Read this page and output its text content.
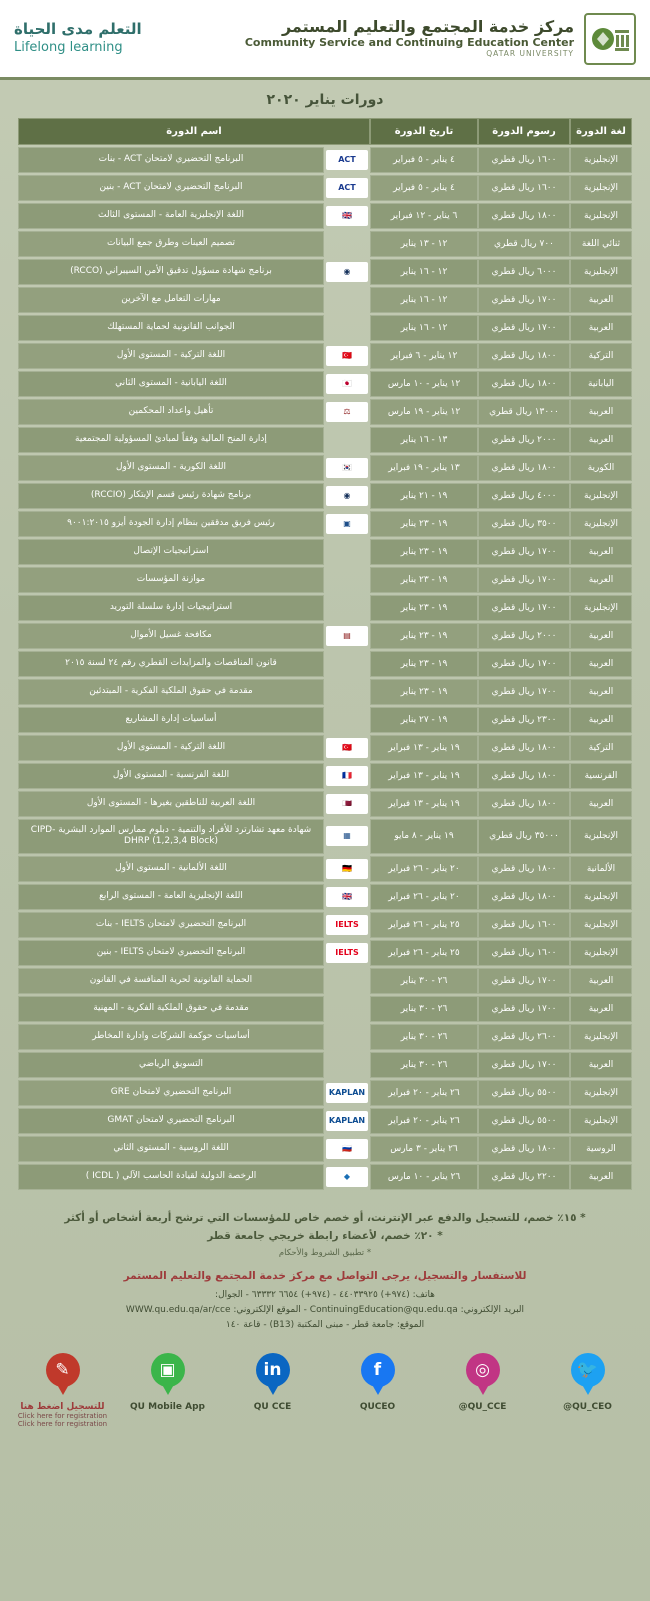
مركز خدمة المجتمع والتعليم المستمر
Community Service and Continuing Education Center
QATAR UNIVERSITY
التعلم مدى الحياة
Lifelong learning
دورات يناير ٢٠٢٠
لغة الدورة	رسوم الدورة	تاريخ الدورة	اسم الدورة	
الإنجليزية	١٦٠٠ ريال قطري	٤ يناير - ٥ فبراير	ACT	البرنامج التحضيري لامتحان ACT - بنات
الإنجليزية	١٦٠٠ ريال قطري	٤ يناير - ٥ فبراير	ACT	البرنامج التحضيري لامتحان ACT - بنين
الإنجليزية	١٨٠٠ ريال قطري	٦ يناير - ١٢ فبراير	🇬🇧	اللغة الإنجليزية العامة - المستوى الثالث
ثنائي اللغة	٧٠٠ ريال قطري	١٢ - ١٣ يناير		تصميم العينات وطرق جمع البيانات
الإنجليزية	٦٠٠٠ ريال قطري	١٢ - ١٦ يناير	◉	برنامج شهادة مسؤول تدقيق الأمن السيبراني (RCCO)
العربية	١٧٠٠ ريال قطري	١٢ - ١٦ يناير		مهارات التعامل مع الآخرين
العربية	١٧٠٠ ريال قطري	١٢ - ١٦ يناير		الجوانب القانونية لحماية المستهلك
التركية	١٨٠٠ ريال قطري	١٢ يناير - ٦ فبراير	🇹🇷	اللغة التركية - المستوى الأول
اليابانية	١٨٠٠ ريال قطري	١٢ يناير - ١٠ مارس	🇯🇵	اللغة اليابانية - المستوى الثاني
العربية	١٣٠٠٠ ريال قطري	١٢ يناير - ١٩ مارس	⚖	تأهيل واعداد المحكمين
العربية	٢٠٠٠ ريال قطري	١٣ - ١٦ يناير		إدارة المنح المالية وفقاً لمبادئ المسؤولية المجتمعية
الكورية	١٨٠٠ ريال قطري	١٣ يناير - ١٩ فبراير	🇰🇷	اللغة الكورية - المستوى الأول
الإنجليزية	٤٠٠٠ ريال قطري	١٩ - ٢١ يناير	◉	برنامج شهادة رئيس قسم الإبتكار (RCCIO)
الإنجليزية	٣٥٠٠ ريال قطري	١٩ - ٢٣ يناير	▣	رئيس فريق مدققين بنظام إدارة الجودة أيزو ٩٠٠١:٢٠١٥
العربية	١٧٠٠ ريال قطري	١٩ - ٢٣ يناير		استراتيجيات الإتصال
العربية	١٧٠٠ ريال قطري	١٩ - ٢٣ يناير		موازنة المؤسسات
الإنجليزية	١٧٠٠ ريال قطري	١٩ - ٢٣ يناير		استراتيجيات إدارة سلسلة التوريد
العربية	٢٠٠٠ ريال قطري	١٩ - ٢٣ يناير	▤	مكافحة غسيل الأموال
العربية	١٧٠٠ ريال قطري	١٩ - ٢٣ يناير		قانون المناقصات والمزايدات القطري رقم ٢٤ لسنة ٢٠١٥
العربية	١٧٠٠ ريال قطري	١٩ - ٢٣ يناير		مقدمة في حقوق الملكية الفكرية - المبتدئين
العربية	٢٣٠٠ ريال قطري	١٩ - ٢٧ يناير		أساسيات إدارة المشاريع
التركية	١٨٠٠ ريال قطري	١٩ يناير - ١٣ فبراير	🇹🇷	اللغة التركية - المستوى الأول
الفرنسية	١٨٠٠ ريال قطري	١٩ يناير - ١٣ فبراير	🇫🇷	اللغة الفرنسية - المستوى الأول
العربية	١٨٠٠ ريال قطري	١٩ يناير - ١٣ فبراير	🇶🇦	اللغة العربية للناطقين بغيرها - المستوى الأول
الإنجليزية	٣٥٠٠٠ ريال قطري	١٩ يناير - ٨ مايو	▦	شهادة معهد تشارترد للأفراد والتنمية - دبلوم ممارس الموارد البشرية CIPD- DHRP (1,2,3,4 Block)
الألمانية	١٨٠٠ ريال قطري	٢٠ يناير - ٢٦ فبراير	🇩🇪	اللغة الألمانية - المستوى الأول
الإنجليزية	١٨٠٠ ريال قطري	٢٠ يناير - ٢٦ فبراير	🇬🇧	اللغة الإنجليزية العامة - المستوى الرابع
الإنجليزية	١٦٠٠ ريال قطري	٢٥ يناير - ٢٦ فبراير	IELTS	البرنامج التحضيري لامتحان IELTS - بنات
الإنجليزية	١٦٠٠ ريال قطري	٢٥ يناير - ٢٦ فبراير	IELTS	البرنامج التحضيري لامتحان IELTS - بنين
العربية	١٧٠٠ ريال قطري	٢٦ - ٣٠ يناير		الحماية القانونية لحرية المنافسة في القانون
العربية	١٧٠٠ ريال قطري	٢٦ - ٣٠ يناير		مقدمة في حقوق الملكية الفكرية - المهنية
الإنجليزية	٢٦٠٠ ريال قطري	٢٦ - ٣٠ يناير		أساسيات حوكمة الشركات وادارة المخاطر
العربية	١٧٠٠ ريال قطري	٢٦ - ٣٠ يناير		التسويق الرياضي
الإنجليزية	٥٥٠٠ ريال قطري	٢٦ يناير - ٢٠ فبراير	KAPLAN	البرنامج التحضيري لامتحان GRE
الإنجليزية	٥٥٠٠ ريال قطري	٢٦ يناير - ٢٠ فبراير	KAPLAN	البرنامج التحضيري لامتحان GMAT
الروسية	١٨٠٠ ريال قطري	٢٦ يناير - ٣ مارس	🇷🇺	اللغة الروسية - المستوى الثاني
العربية	٢٢٠٠ ريال قطري	٢٦ يناير - ١٠ مارس	◆	الرخصة الدولية لقيادة الحاسب الآلي ( ICDL )
* ١٥٪ خصم، للتسجيل والدفع عبر الإنترنت، أو خصم خاص للمؤسسات التي ترشح أربعة أشخاص أو أكثر
* ٢٠٪ خصم، لأعضاء رابطة خريجي جامعة قطر
* تطبيق الشروط والأحكام
للاستفسار والتسجيل، يرجى التواصل مع مركز خدمة المجتمع والتعليم المستمر
هاتف: (٩٧٤+) ٤٤٠٣٣٩٢٥ - (٩٧٤+) ٦٦٥٤ ٦٣٣٣٢ - الجوال:
البريد الإلكتروني: ContinuingEducation@qu.edu.qa - الموقع الإلكتروني: WWW.qu.edu.qa/ar/cce
الموقع: جامعة قطر - مبنى المكتبة (B13) - قاعة ١٤٠
🐦
@QU_CEO
◎
@QU_CCE
f
QUCEO
in
QU CCE
▣
QU Mobile App
✎
للتسجيل اضغط هنا
Click here for registration
Click here for registration
